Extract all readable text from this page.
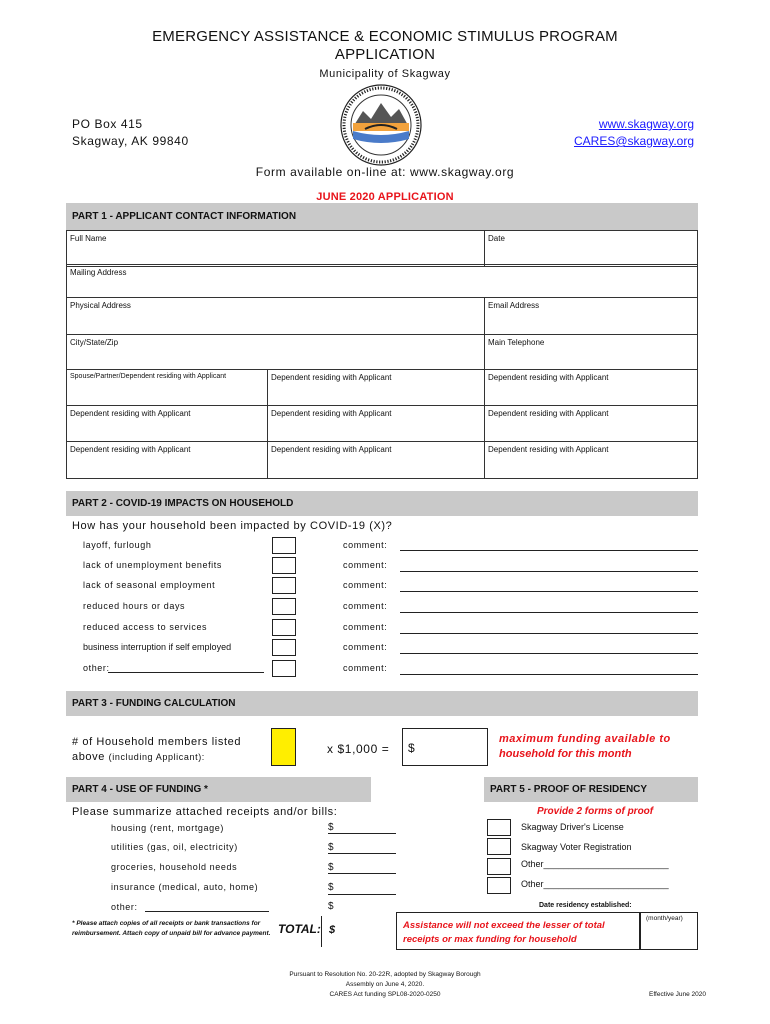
EMERGENCY ASSISTANCE & ECONOMIC STIMULUS PROGRAM
APPLICATION
Municipality of Skagway
PO Box 415
Skagway, AK 99840
www.skagway.org
CARES@skagway.org
Form available on-line at: www.skagway.org
JUNE 2020 APPLICATION
PART 1 - APPLICANT CONTACT INFORMATION
Full Name	Date
Mailing Address
Physical Address	Email Address
City/State/Zip	Main Telephone
Spouse/Partner/Dependent residing with Applicant	Dependent residing with Applicant	Dependent residing with Applicant
Dependent residing with Applicant	Dependent residing with Applicant	Dependent residing with Applicant
Dependent residing with Applicant	Dependent residing with Applicant	Dependent residing with Applicant
PART 2 - COVID-19 IMPACTS ON HOUSEHOLD
How has your household been impacted by COVID-19 (X)?
layoff, furlough	comment:
lack of unemployment benefits	comment:
lack of seasonal employment	comment:
reduced hours or days	comment:
reduced access to services	comment:
business interruption if self employed	comment:
other:	comment:
PART 3 - FUNDING CALCULATION
# of Household members listed
above (including Applicant):
x $1,000 = $
maximum funding available to
household for this month
PART 4 - USE OF FUNDING *	PART 5 - PROOF OF RESIDENCY
Please summarize attached receipts and/or bills:	Provide 2 forms of proof
housing (rent, mortgage)	$
utilities (gas, oil, electricity)	$
groceries, household needs	$
insurance (medical, auto, home)	$
other:	$
* Please attach copies of all receipts or bank transactions for reimbursement. Attach copy of unpaid bill for advance payment. TOTAL: $
Skagway Driver's License
Skagway Voter Registration
Other_________________________
Other_________________________
Date residency established:
Assistance will not exceed the lesser of total
receipts or max funding for household
(month/year)
Pursuant to Resolution No. 20-22R, adopted by Skagway Borough
Assembly on June 4, 2020.
CARES Act funding SPL08-2020-0250	Effective June 2020
